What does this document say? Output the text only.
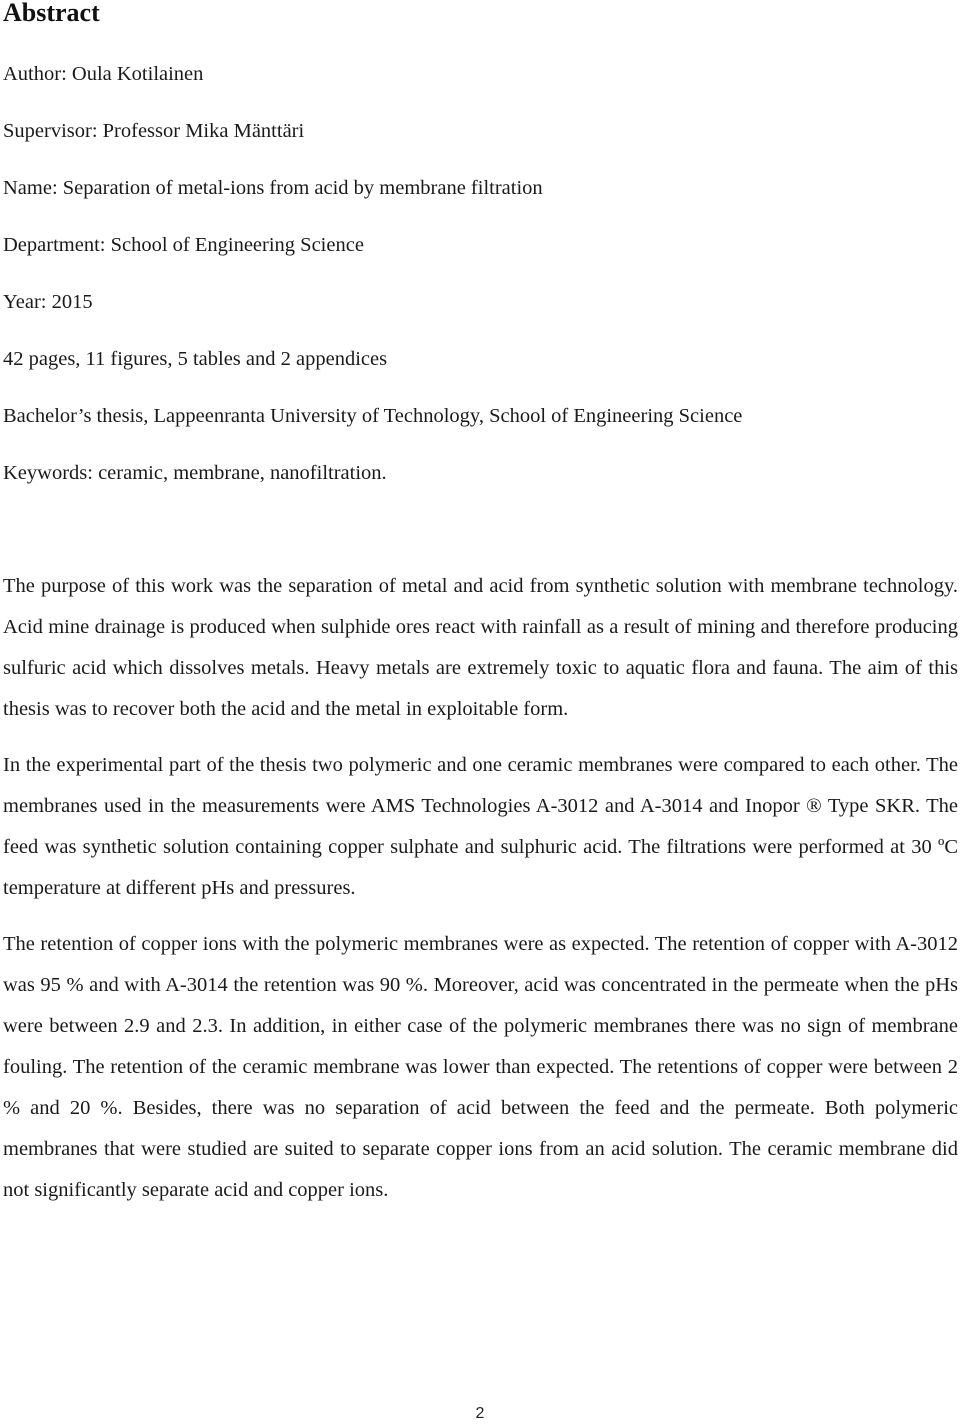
Abstract
Author: Oula Kotilainen
Supervisor: Professor Mika Mänttäri
Name: Separation of metal-ions from acid by membrane filtration
Department: School of Engineering Science
Year: 2015
42 pages, 11 figures, 5 tables and 2 appendices
Bachelor’s thesis, Lappeenranta University of Technology, School of Engineering Science
Keywords: ceramic, membrane, nanofiltration.

The purpose of this work was the separation of metal and acid from synthetic solution with membrane technology. Acid mine drainage is produced when sulphide ores react with rainfall as a result of mining and therefore producing sulfuric acid which dissolves metals. Heavy metals are extremely toxic to aquatic flora and fauna. The aim of this thesis was to recover both the acid and the metal in exploitable form.

In the experimental part of the thesis two polymeric and one ceramic membranes were compared to each other. The membranes used in the measurements were AMS Technologies A-3012 and A-3014 and Inopor ® Type SKR. The feed was synthetic solution containing copper sulphate and sulphuric acid. The filtrations were performed at 30 ºC temperature at different pHs and pressures.

The retention of copper ions with the polymeric membranes were as expected. The retention of copper with A-3012 was 95 % and with A-3014 the retention was 90 %. Moreover, acid was concentrated in the permeate when the pHs were between 2.9 and 2.3. In addition, in either case of the polymeric membranes there was no sign of membrane fouling. The retention of the ceramic membrane was lower than expected. The retentions of copper were between 2 % and 20 %. Besides, there was no separation of acid between the feed and the permeate. Both polymeric membranes that were studied are suited to separate copper ions from an acid solution. The ceramic membrane did not significantly separate acid and copper ions.

2
